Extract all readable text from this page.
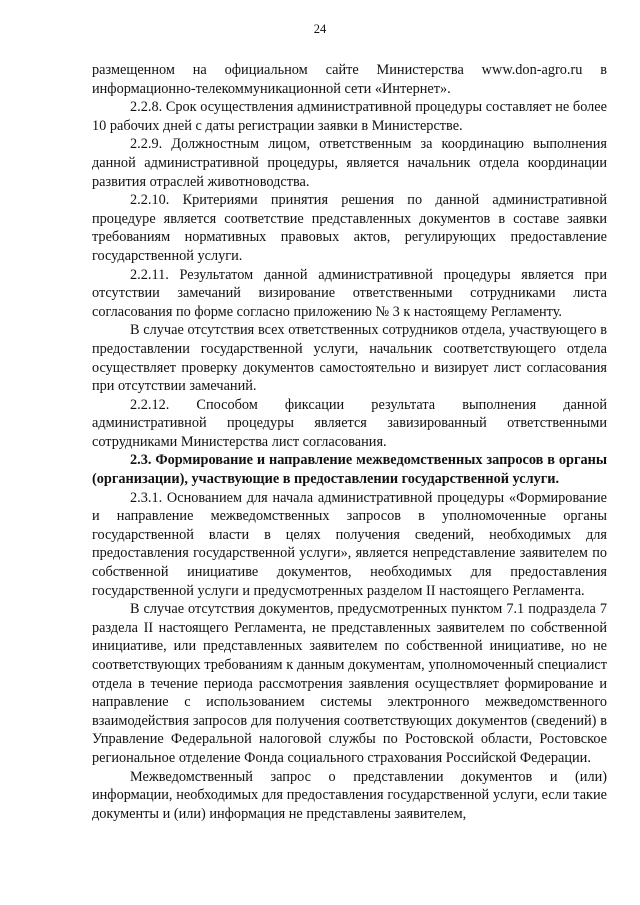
24

размещенном на официальном сайте Министерства www.don-agro.ru в информационно-телекоммуникационной сети «Интернет».

2.2.8. Срок осуществления административной процедуры составляет не более 10 рабочих дней с даты регистрации заявки в Министерстве.

2.2.9. Должностным лицом, ответственным за координацию выполнения данной административной процедуры, является начальник отдела координации развития отраслей животноводства.

2.2.10. Критериями принятия решения по данной административной процедуре является соответствие представленных документов в составе заявки требованиям нормативных правовых актов, регулирующих предоставление государственной услуги.

2.2.11. Результатом данной административной процедуры является при отсутствии замечаний визирование ответственными сотрудниками листа согласования по форме согласно приложению № 3 к настоящему Регламенту.

В случае отсутствия всех ответственных сотрудников отдела, участвующего в предоставлении государственной услуги, начальник соответствующего отдела осуществляет проверку документов самостоятельно и визирует лист согласования при отсутствии замечаний.

2.2.12. Способом фиксации результата выполнения данной административной процедуры является завизированный ответственными сотрудниками Министерства лист согласования.

2.3. Формирование и направление межведомственных запросов в органы (организации), участвующие в предоставлении государственной услуги.

2.3.1. Основанием для начала административной процедуры «Формирование и направление межведомственных запросов в уполномоченные органы государственной власти в целях получения сведений, необходимых для предоставления государственной услуги», является непредставление заявителем по собственной инициативе документов, необходимых для предоставления государственной услуги и предусмотренных разделом II настоящего Регламента.

В случае отсутствия документов, предусмотренных пунктом 7.1 подраздела 7 раздела II настоящего Регламента, не представленных заявителем по собственной инициативе, или представленных заявителем по собственной инициативе, но не соответствующих требованиям к данным документам, уполномоченный специалист отдела в течение периода рассмотрения заявления осуществляет формирование и направление с использованием системы электронного межведомственного взаимодействия запросов для получения соответствующих документов (сведений) в Управление Федеральной налоговой службы по Ростовской области, Ростовское региональное отделение Фонда социального страхования Российской Федерации.

Межведомственный запрос о представлении документов и (или) информации, необходимых для предоставления государственной услуги, если такие документы и (или) информация не представлены заявителем,
